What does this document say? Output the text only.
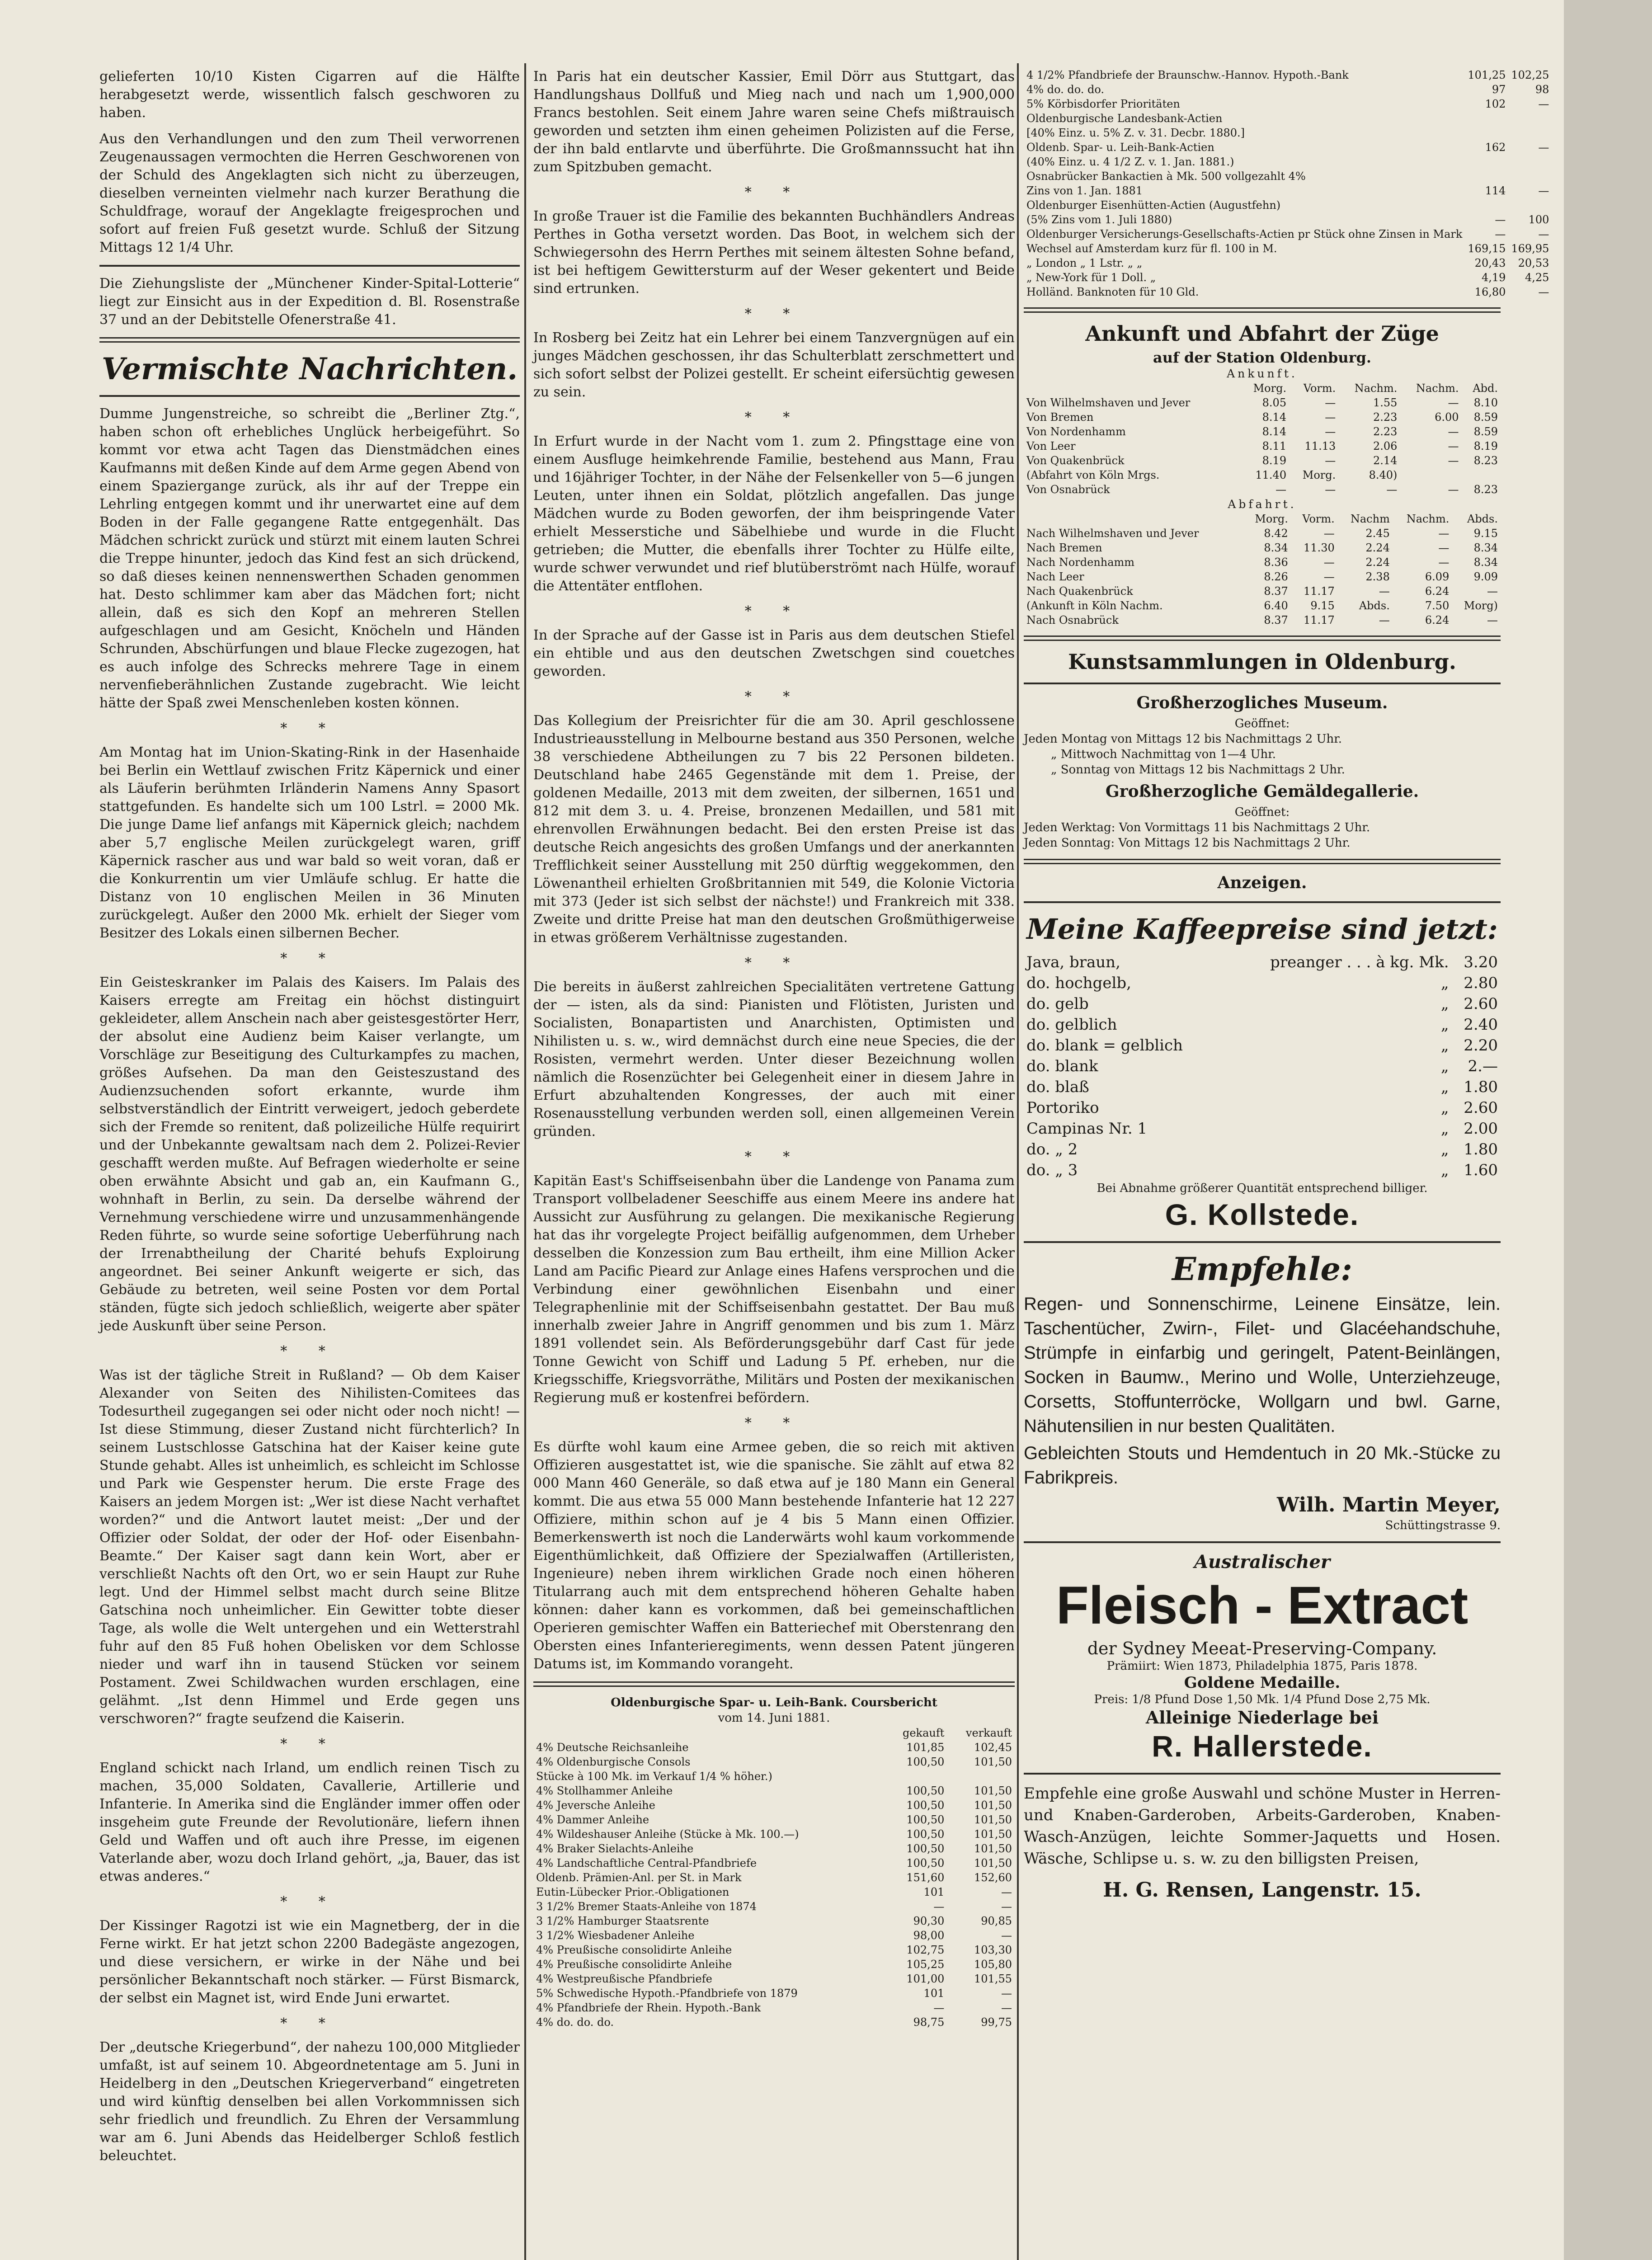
gelieferten 10/10 Kisten Cigarren auf die Hälfte herabgesetzt werde, wissentlich falsch geschworen zu haben.

Aus den Verhandlungen und den zum Theil verworrenen Zeugenaussagen vermochten die Herren Geschworenen von der Schuld des Angeklagten sich nicht zu überzeugen, dieselben verneinten vielmehr nach kurzer Berathung die Schuldfrage, worauf der Angeklagte freigesprochen und sofort auf freien Fuß gesetzt wurde. Schluß der Sitzung Mittags 12 1/4 Uhr.

Die Ziehungsliste der „Münchener Kinder-Spital-Lotterie“ liegt zur Einsicht aus in der Expedition d. Bl. Rosenstraße 37 und an der Debitstelle Ofenerstraße 41.

Vermischte Nachrichten.

Dumme Jungenstreiche, so schreibt die „Berliner Ztg.“, haben schon oft erhebliches Unglück herbeigeführt. So kommt vor etwa acht Tagen das Dienstmädchen eines Kaufmanns mit deßen Kinde auf dem Arme gegen Abend von einem Spaziergange zurück, als ihr auf der Treppe ein Lehrling entgegen kommt und ihr unerwartet eine auf dem Boden in der Falle gegangene Ratte entgegenhält. Das Mädchen schrickt zurück und stürzt mit einem lauten Schrei die Treppe hinunter, jedoch das Kind fest an sich drückend, so daß dieses keinen nennenswerthen Schaden genommen hat. Desto schlimmer kam aber das Mädchen fort; nicht allein, daß es sich den Kopf an mehreren Stellen aufgeschlagen und am Gesicht, Knöcheln und Händen Schrunden, Abschürfungen und blaue Flecke zugezogen, hat es auch infolge des Schrecks mehrere Tage in einem nervenfieberähnlichen Zustande zugebracht. Wie leicht hätte der Spaß zwei Menschenleben kosten können.

* *

Am Montag hat im Union-Skating-Rink in der Hasenhaide bei Berlin ein Wettlauf zwischen Fritz Käpernick und einer als Läuferin berühmten Irländerin Namens Anny Spasort stattgefunden. Es handelte sich um 100 Lstrl. = 2000 Mk. Die junge Dame lief anfangs mit Käpernick gleich; nachdem aber 5,7 englische Meilen zurückgelegt waren, griff Käpernick rascher aus und war bald so weit voran, daß er die Konkurrentin um vier Umläufe schlug. Er hatte die Distanz von 10 englischen Meilen in 36 Minuten zurückgelegt. Außer den 2000 Mk. erhielt der Sieger vom Besitzer des Lokals einen silbernen Becher.

* *

Ein Geisteskranker im Palais des Kaisers. Im Palais des Kaisers erregte am Freitag ein höchst distinguirt gekleideter, allem Anschein nach aber geistesgestörter Herr, der absolut eine Audienz beim Kaiser verlangte, um Vorschläge zur Beseitigung des Culturkampfes zu machen, größes Aufsehen. Da man den Geisteszustand des Audienzsuchenden sofort erkannte, wurde ihm selbstverständlich der Eintritt verweigert, jedoch geberdete sich der Fremde so renitent, daß polizeiliche Hülfe requirirt und der Unbekannte gewaltsam nach dem 2. Polizei-Revier geschafft werden mußte. Auf Befragen wiederholte er seine oben erwähnte Absicht und gab an, ein Kaufmann G., wohnhaft in Berlin, zu sein. Da derselbe während der Vernehmung verschiedene wirre und unzusammenhängende Reden führte, so wurde seine sofortige Ueberführung nach der Irrenabtheilung der Charité behufs Exploirung angeordnet. Bei seiner Ankunft weigerte er sich, das Gebäude zu betreten, weil seine Posten vor dem Portal ständen, fügte sich jedoch schließlich, weigerte aber später jede Auskunft über seine Person.

* *

Was ist der tägliche Streit in Rußland? — Ob dem Kaiser Alexander von Seiten des Nihilisten-Comitees das Todesurtheil zugegangen sei oder nicht oder noch nicht! — Ist diese Stimmung, dieser Zustand nicht fürchterlich? In seinem Lustschlosse Gatschina hat der Kaiser keine gute Stunde gehabt. Alles ist unheimlich, es schleicht im Schlosse und Park wie Gespenster herum. Die erste Frage des Kaisers an jedem Morgen ist: „Wer ist diese Nacht verhaftet worden?“ und die Antwort lautet meist: „Der und der Offizier oder Soldat, der oder der Hof- oder Eisenbahn-Beamte.“ Der Kaiser sagt dann kein Wort, aber er verschließt Nachts oft den Ort, wo er sein Haupt zur Ruhe legt. Und der Himmel selbst macht durch seine Blitze Gatschina noch unheimlicher. Ein Gewitter tobte dieser Tage, als wolle die Welt untergehen und ein Wetterstrahl fuhr auf den 85 Fuß hohen Obelisken vor dem Schlosse nieder und warf ihn in tausend Stücken vor seinem Postament. Zwei Schildwachen wurden erschlagen, eine gelähmt. „Ist denn Himmel und Erde gegen uns verschworen?“ fragte seufzend die Kaiserin.

* *

England schickt nach Irland, um endlich reinen Tisch zu machen, 35,000 Soldaten, Cavallerie, Artillerie und Infanterie. In Amerika sind die Engländer immer offen oder insgeheim gute Freunde der Revolutionäre, liefern ihnen Geld und Waffen und oft auch ihre Presse, im eigenen Vaterlande aber, wozu doch Irland gehört, „ja, Bauer, das ist etwas anderes.“

* *

Der Kissinger Ragotzi ist wie ein Magnetberg, der in die Ferne wirkt. Er hat jetzt schon 2200 Badegäste angezogen, und diese versichern, er wirke in der Nähe und bei persönlicher Bekanntschaft noch stärker. — Fürst Bismarck, der selbst ein Magnet ist, wird Ende Juni erwartet.

* *

Der „deutsche Kriegerbund“, der nahezu 100,000 Mitglieder umfaßt, ist auf seinem 10. Abgeordnetentage am 5. Juni in Heidelberg in den „Deutschen Kriegerverband“ eingetreten und wird künftig denselben bei allen Vorkommnissen sich sehr friedlich und freundlich. Zu Ehren der Versammlung war am 6. Juni Abends das Heidelberger Schloß festlich beleuchtet.

In Paris hat ein deutscher Kassier, Emil Dörr aus Stuttgart, das Handlungshaus Dollfuß und Mieg nach und nach um 1,900,000 Francs bestohlen. Seit einem Jahre waren seine Chefs mißtrauisch geworden und setzten ihm einen geheimen Polizisten auf die Ferse, der ihn bald entlarvte und überführte. Die Großmannssucht hat ihn zum Spitzbuben gemacht.

* *

In große Trauer ist die Familie des bekannten Buchhändlers Andreas Perthes in Gotha versetzt worden. Das Boot, in welchem sich der Schwiegersohn des Herrn Perthes mit seinem ältesten Sohne befand, ist bei heftigem Gewittersturm auf der Weser gekentert und Beide sind ertrunken.

* *

In Rosberg bei Zeitz hat ein Lehrer bei einem Tanzvergnügen auf ein junges Mädchen geschossen, ihr das Schulterblatt zerschmettert und sich sofort selbst der Polizei gestellt. Er scheint eifersüchtig gewesen zu sein.

* *

In Erfurt wurde in der Nacht vom 1. zum 2. Pfingsttage eine von einem Ausfluge heimkehrende Familie, bestehend aus Mann, Frau und 16jähriger Tochter, in der Nähe der Felsenkeller von 5—6 jungen Leuten, unter ihnen ein Soldat, plötzlich angefallen. Das junge Mädchen wurde zu Boden geworfen, der ihm beispringende Vater erhielt Messerstiche und Säbelhiebe und wurde in die Flucht getrieben; die Mutter, die ebenfalls ihrer Tochter zu Hülfe eilte, wurde schwer verwundet und rief blutüberströmt nach Hülfe, worauf die Attentäter entflohen.

* *

In der Sprache auf der Gasse ist in Paris aus dem deutschen Stiefel ein ehtible und aus den deutschen Zwetschgen sind couetches geworden.

* *

Das Kollegium der Preisrichter für die am 30. April geschlossene Industrieausstellung in Melbourne bestand aus 350 Personen, welche 38 verschiedene Abtheilungen zu 7 bis 22 Personen bildeten. Deutschland habe 2465 Gegenstände mit dem 1. Preise, der goldenen Medaille, 2013 mit dem zweiten, der silbernen, 1651 und 812 mit dem 3. u. 4. Preise, bronzenen Medaillen, und 581 mit ehrenvollen Erwähnungen bedacht. Bei den ersten Preise ist das deutsche Reich angesichts des großen Umfangs und der anerkannten Trefflichkeit seiner Ausstellung mit 250 dürftig weggekommen, den Löwenantheil erhielten Großbritannien mit 549, die Kolonie Victoria mit 373 (Jeder ist sich selbst der nächste!) und Frankreich mit 338. Zweite und dritte Preise hat man den deutschen Großmüthigerweise in etwas größerem Verhältnisse zugestanden.

* *

Die bereits in äußerst zahlreichen Specialitäten vertretene Gattung der — isten, als da sind: Pianisten und Flötisten, Juristen und Socialisten, Bonapartisten und Anarchisten, Optimisten und Nihilisten u. s. w., wird demnächst durch eine neue Species, die der Rosisten, vermehrt werden. Unter dieser Bezeichnung wollen nämlich die Rosenzüchter bei Gelegenheit einer in diesem Jahre in Erfurt abzuhaltenden Kongresses, der auch mit einer Rosenausstellung verbunden werden soll, einen allgemeinen Verein gründen.

* *

Kapitän East's Schiffseisenbahn über die Landenge von Panama zum Transport vollbeladener Seeschiffe aus einem Meere ins andere hat Aussicht zur Ausführung zu gelangen. Die mexikanische Regierung hat das ihr vorgelegte Project beifällig aufgenommen, dem Urheber desselben die Konzession zum Bau ertheilt, ihm eine Million Acker Land am Pacific Pieard zur Anlage eines Hafens versprochen und die Verbindung einer gewöhnlichen Eisenbahn und einer Telegraphenlinie mit der Schiffseisenbahn gestattet. Der Bau muß innerhalb zweier Jahre in Angriff genommen und bis zum 1. März 1891 vollendet sein. Als Beförderungsgebühr darf Cast für jede Tonne Gewicht von Schiff und Ladung 5 Pf. erheben, nur die Kriegsschiffe, Kriegsvorräthe, Militärs und Posten der mexikanischen Regierung muß er kostenfrei befördern.

* *

Es dürfte wohl kaum eine Armee geben, die so reich mit aktiven Offizieren ausgestattet ist, wie die spanische. Sie zählt auf etwa 82 000 Mann 460 Generäle, so daß etwa auf je 180 Mann ein General kommt. Die aus etwa 55 000 Mann bestehende Infanterie hat 12 227 Offiziere, mithin schon auf je 4 bis 5 Mann einen Offizier. Bemerkenswerth ist noch die Landerwärts wohl kaum vorkommende Eigenthümlichkeit, daß Offiziere der Spezialwaffen (Artilleristen, Ingenieure) neben ihrem wirklichen Grade noch einen höheren Titularrang auch mit dem entsprechend höheren Gehalte haben können: daher kann es vorkommen, daß bei gemeinschaftlichen Operieren gemischter Waffen ein Batteriechef mit Oberstenrang den Obersten eines Infanterieregiments, wenn dessen Patent jüngeren Datums ist, im Kommando vorangeht.

Oldenburgische Spar- u. Leih-Bank. Coursbericht
vom 14. Juni 1881.
	gekauft	verkauft
4% Deutsche Reichsanleihe	101,85	102,45
4% Oldenburgische Consols	100,50	101,50
Stücke à 100 Mk. im Verkauf 1/4 % höher.)		
4% Stollhammer Anleihe	100,50	101,50
4% Jeversche Anleihe	100,50	101,50
4% Dammer Anleihe	100,50	101,50
4% Wildeshauser Anleihe (Stücke à Mk. 100.—)	100,50	101,50
4% Braker Sielachts-Anleihe	100,50	101,50
4% Landschaftliche Central-Pfandbriefe	100,50	101,50
Oldenb. Prämien-Anl. per St. in Mark	151,60	152,60
Eutin-Lübecker Prior.-Obligationen	101	—
3 1/2% Bremer Staats-Anleihe von 1874	—	—
3 1/2% Hamburger Staatsrente	90,30	90,85
3 1/2% Wiesbadener Anleihe	98,00	—
4% Preußische consolidirte Anleihe	102,75	103,30
4% Preußische consolidirte Anleihe	105,25	105,80
4% Westpreußische Pfandbriefe	101,00	101,55
5% Schwedische Hypoth.-Pfandbriefe von 1879	101	—
4% Pfandbriefe der Rhein. Hypoth.-Bank	—	—
4% do. do. do.	98,75	99,75
4 1/2% Pfandbriefe der Braunschw.-Hannov. Hypoth.-Bank	101,25	102,25
4% do. do. do.	97	98
5% Körbisdorfer Prioritäten	102	—
Oldenburgische Landesbank-Actien		
[40% Einz. u. 5% Z. v. 31. Decbr. 1880.]		
Oldenb. Spar- u. Leih-Bank-Actien	162	—
(40% Einz. u. 4 1/2 Z. v. 1. Jan. 1881.)		
Osnabrücker Bankactien à Mk. 500 vollgezahlt 4%		
Zins von 1. Jan. 1881	114	—
Oldenburger Eisenhütten-Actien (Augustfehn)		
(5% Zins vom 1. Juli 1880)	—	100
Oldenburger Versicherungs-Gesellschafts-Actien pr Stück ohne Zinsen in Mark	—	—
Wechsel auf Amsterdam kurz für fl. 100 in M.	169,15	169,95
„ London „ 1 Lstr. „ „	20,43	20,53
„ New-York für 1 Doll. „	4,19	4,25
Holländ. Banknoten für 10 Gld.	16,80	—
Ankunft und Abfahrt der Züge
auf der Station Oldenburg.
Ankunft.
	Morg.	Vorm.	Nachm.	Nachm.	Abd.
Von Wilhelmshaven und Jever	8.05	—	1.55	—	8.10
Von Bremen	8.14	—	2.23	6.00	8.59
Von Nordenhamm	8.14	—	2.23	—	8.59
Von Leer	8.11	11.13	2.06	—	8.19
Von Quakenbrück	8.19	—	2.14	—	8.23
(Abfahrt von Köln Mrgs.	11.40	Morg.	8.40)		
Von Osnabrück	—	—	—	—	8.23
Abfahrt.
	Morg.	Vorm.	Nachm	Nachm.	Abds.
Nach Wilhelmshaven und Jever	8.42	—	2.45	—	9.15
Nach Bremen	8.34	11.30	2.24	—	8.34
Nach Nordenhamm	8.36	—	2.24	—	8.34
Nach Leer	8.26	—	2.38	6.09	9.09
Nach Quakenbrück	8.37	11.17	—	6.24	—
(Ankunft in Köln Nachm.	6.40	9.15	Abds.	7.50	Morg)
Nach Osnabrück	8.37	11.17	—	6.24	—
Kunstsammlungen in Oldenburg.
Großherzogliches Museum.
Geöffnet:
Jeden Montag von Mittags 12 bis Nachmittags 2 Uhr.
„ Mittwoch Nachmittag von 1—4 Uhr.
„ Sonntag von Mittags 12 bis Nachmittags 2 Uhr.
Großherzogliche Gemäldegallerie.
Geöffnet:
Jeden Werktag: Von Vormittags 11 bis Nachmittags 2 Uhr.
Jeden Sonntag: Von Mittags 12 bis Nachmittags 2 Uhr.
Anzeigen.
Meine Kaffeepreise sind jetzt:
Java, braun,	preanger . . . à kg. Mk.	3.20
do. hochgelb,	„	2.80
do. gelb	„	2.60
do. gelblich	„	2.40
do. blank = gelblich	„	2.20
do. blank	„	2.—
do. blaß	„	1.80
Portoriko	„	2.60
Campinas Nr. 1	„	2.00
do. „ 2	„	1.80
do. „ 3	„	1.60
Bei Abnahme größerer Quantität entsprechend billiger.
G. Kollstede.
Empfehle:

Regen- und Sonnenschirme, Leinene Einsätze, lein. Taschentücher, Zwirn-, Filet- und Glacéehandschuhe, Strümpfe in einfarbig und geringelt, Patent-Beinlängen, Socken in Baumw., Merino und Wolle, Unterziehzeuge, Corsetts, Stoffunterröcke, Wollgarn und bwl. Garne, Nähutensilien in nur besten Qualitäten.

Gebleichten Stouts und Hemdentuch in 20 Mk.-Stücke zu Fabrikpreis.

Wilh. Martin Meyer,
Schüttingstrasse 9.
Australischer
Fleisch - Extract
der Sydney Meeat-Preserving-Company.
Prämiirt: Wien 1873, Philadelphia 1875, Paris 1878.
Goldene Medaille.
Preis: 1/8 Pfund Dose 1,50 Mk. 1/4 Pfund Dose 2,75 Mk.
Alleinige Niederlage bei
R. Hallerstede.

Empfehle eine große Auswahl und schöne Muster in Herren- und Knaben-Garderoben, Arbeits-Garderoben, Knaben-Wasch-Anzügen, leichte Sommer-Jaquetts und Hosen. Wäsche, Schlipse u. s. w. zu den billigsten Preisen,

H. G. Rensen, Langenstr. 15.
